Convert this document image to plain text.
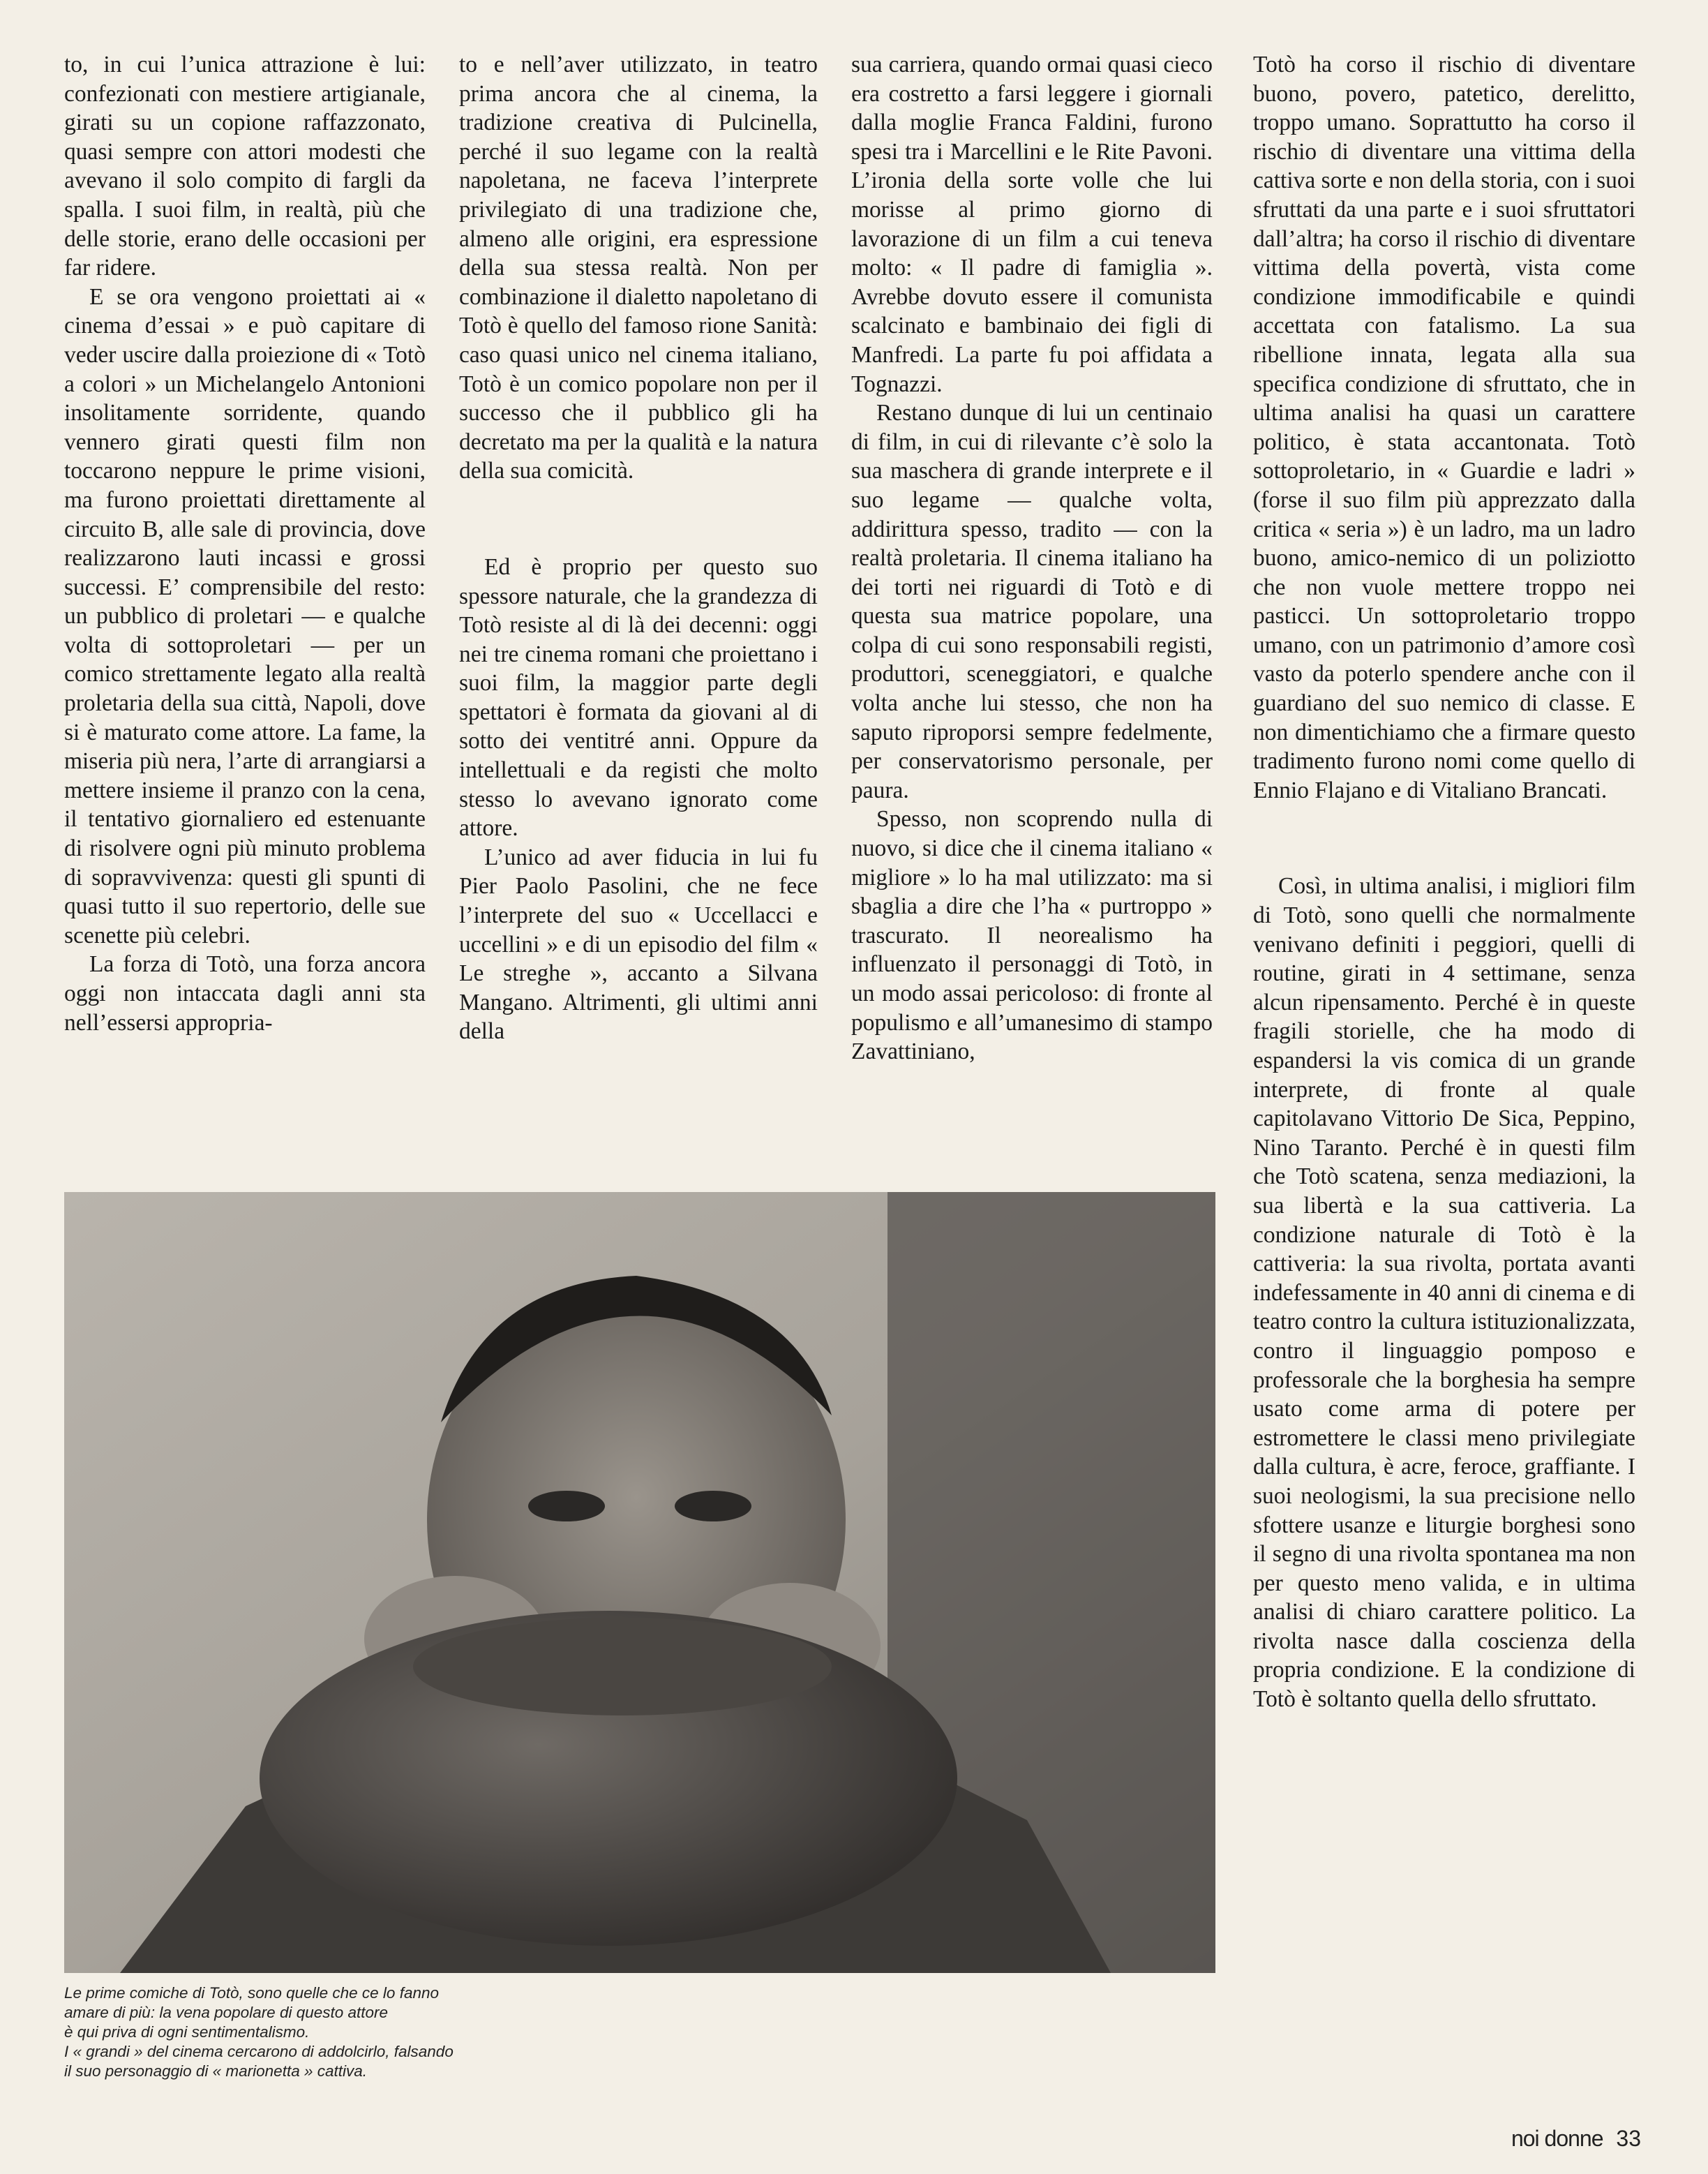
to, in cui l’unica attrazione è lui: confezionati con mestiere artigianale, girati su un copione raffazzonato, quasi sempre con attori modesti che avevano il solo compito di fargli da spalla. I suoi film, in realtà, più che delle storie, erano delle occasioni per far ridere.

E se ora vengono proiettati ai « cinema d’essai » e può capitare di veder uscire dalla proiezione di « Totò a colori » un Michelangelo Antonioni insolitamente sorridente, quando vennero girati questi film non toccarono neppure le prime visioni, ma furono proiettati direttamente al circuito B, alle sale di provincia, dove realizzarono lauti incassi e grossi successi. E’ comprensibile del resto: un pubblico di proletari — e qualche volta di sottoproletari — per un comico strettamente legato alla realtà proletaria della sua città, Napoli, dove si è maturato come attore. La fame, la miseria più nera, l’arte di arrangiarsi a mettere insieme il pranzo con la cena, il tentativo giornaliero ed estenuante di risolvere ogni più minuto problema di sopravvivenza: questi gli spunti di quasi tutto il suo repertorio, delle sue scenette più celebri.

La forza di Totò, una forza ancora oggi non intaccata dagli anni sta nell’essersi appropria-

to e nell’aver utilizzato, in teatro prima ancora che al cinema, la tradizione creativa di Pulcinella, perché il suo legame con la realtà napoletana, ne faceva l’interprete privilegiato di una tradizione che, almeno alle origini, era espressione della sua stessa realtà. Non per combinazione il dialetto napoletano di Totò è quello del famoso rione Sanità: caso quasi unico nel cinema italiano, Totò è un comico popolare non per il successo che il pubblico gli ha decretato ma per la qualità e la natura della sua comicità.

Ed è proprio per questo suo spessore naturale, che la grandezza di Totò resiste al di là dei decenni: oggi nei tre cinema romani che proiettano i suoi film, la maggior parte degli spettatori è formata da giovani al di sotto dei ventitré anni. Oppure da intellettuali e da registi che molto stesso lo avevano ignorato come attore.

L’unico ad aver fiducia in lui fu Pier Paolo Pasolini, che ne fece l’interprete del suo « Uccellacci e uccellini » e di un episodio del film « Le streghe », accanto a Silvana Mangano. Altrimenti, gli ultimi anni della

sua carriera, quando ormai quasi cieco era costretto a farsi leggere i giornali dalla moglie Franca Faldini, furono spesi tra i Marcellini e le Rite Pavoni. L’ironia della sorte volle che lui morisse al primo giorno di lavorazione di un film a cui teneva molto: « Il padre di famiglia ». Avrebbe dovuto essere il comunista scalcinato e bambinaio dei figli di Manfredi. La parte fu poi affidata a Tognazzi.

Restano dunque di lui un centinaio di film, in cui di rilevante c’è solo la sua maschera di grande interprete e il suo legame — qualche volta, addirittura spesso, tradito — con la realtà proletaria. Il cinema italiano ha dei torti nei riguardi di Totò e di questa sua matrice popolare, una colpa di cui sono responsabili registi, produttori, sceneggiatori, e qualche volta anche lui stesso, che non ha saputo riproporsi sempre fedelmente, per conservatorismo personale, per paura.

Spesso, non scoprendo nulla di nuovo, si dice che il cinema italiano « migliore » lo ha mal utilizzato: ma si sbaglia a dire che l’ha « purtroppo » trascurato. Il neorealismo ha influenzato il personaggi di Totò, in un modo assai pericoloso: di fronte al populismo e all’umanesimo di stampo Zavattiniano,

Totò ha corso il rischio di diventare buono, povero, patetico, derelitto, troppo umano. Soprattutto ha corso il rischio di diventare una vittima della cattiva sorte e non della storia, con i suoi sfruttati da una parte e i suoi sfruttatori dall’altra; ha corso il rischio di diventare vittima della povertà, vista come condizione immodificabile e quindi accettata con fatalismo. La sua ribellione innata, legata alla sua specifica condizione di sfruttato, che in ultima analisi ha quasi un carattere politico, è stata accantonata. Totò sottoproletario, in « Guardie e ladri » (forse il suo film più apprezzato dalla critica « seria ») è un ladro, ma un ladro buono, amico-nemico di un poliziotto che non vuole mettere troppo nei pasticci. Un sottoproletario troppo umano, con un patrimonio d’amore così vasto da poterlo spendere anche con il guardiano del suo nemico di classe. E non dimentichiamo che a firmare questo tradimento furono nomi come quello di Ennio Flajano e di Vitaliano Brancati.

Così, in ultima analisi, i migliori film di Totò, sono quelli che normalmente venivano definiti i peggiori, quelli di routine, girati in 4 settimane, senza alcun ripensamento. Perché è in queste fragili storielle, che ha modo di espandersi la vis comica di un grande interprete, di fronte al quale capitolavano Vittorio De Sica, Peppino, Nino Taranto. Perché è in questi film che Totò scatena, senza mediazioni, la sua libertà e la sua cattiveria. La condizione naturale di Totò è la cattiveria: la sua rivolta, portata avanti indefessamente in 40 anni di cinema e di teatro contro la cultura istituzionalizzata, contro il linguaggio pomposo e professorale che la borghesia ha sempre usato come arma di potere per estromettere le classi meno privilegiate dalla cultura, è acre, feroce, graffiante. I suoi neologismi, la sua precisione nello sfottere usanze e liturgie borghesi sono il segno di una rivolta spontanea ma non per questo meno valida, e in ultima analisi di chiaro carattere politico. La rivolta nasce dalla coscienza della propria condizione. E la condizione di Totò è soltanto quella dello sfruttato.

Le prime comiche di Totò, sono quelle che ce lo fanno
amare di più: la vena popolare di questo attore
è qui priva di ogni sentimentalismo.
I « grandi » del cinema cercarono di addolcirlo, falsando
il suo personaggio di « marionetta » cattiva.
noi donne 33
